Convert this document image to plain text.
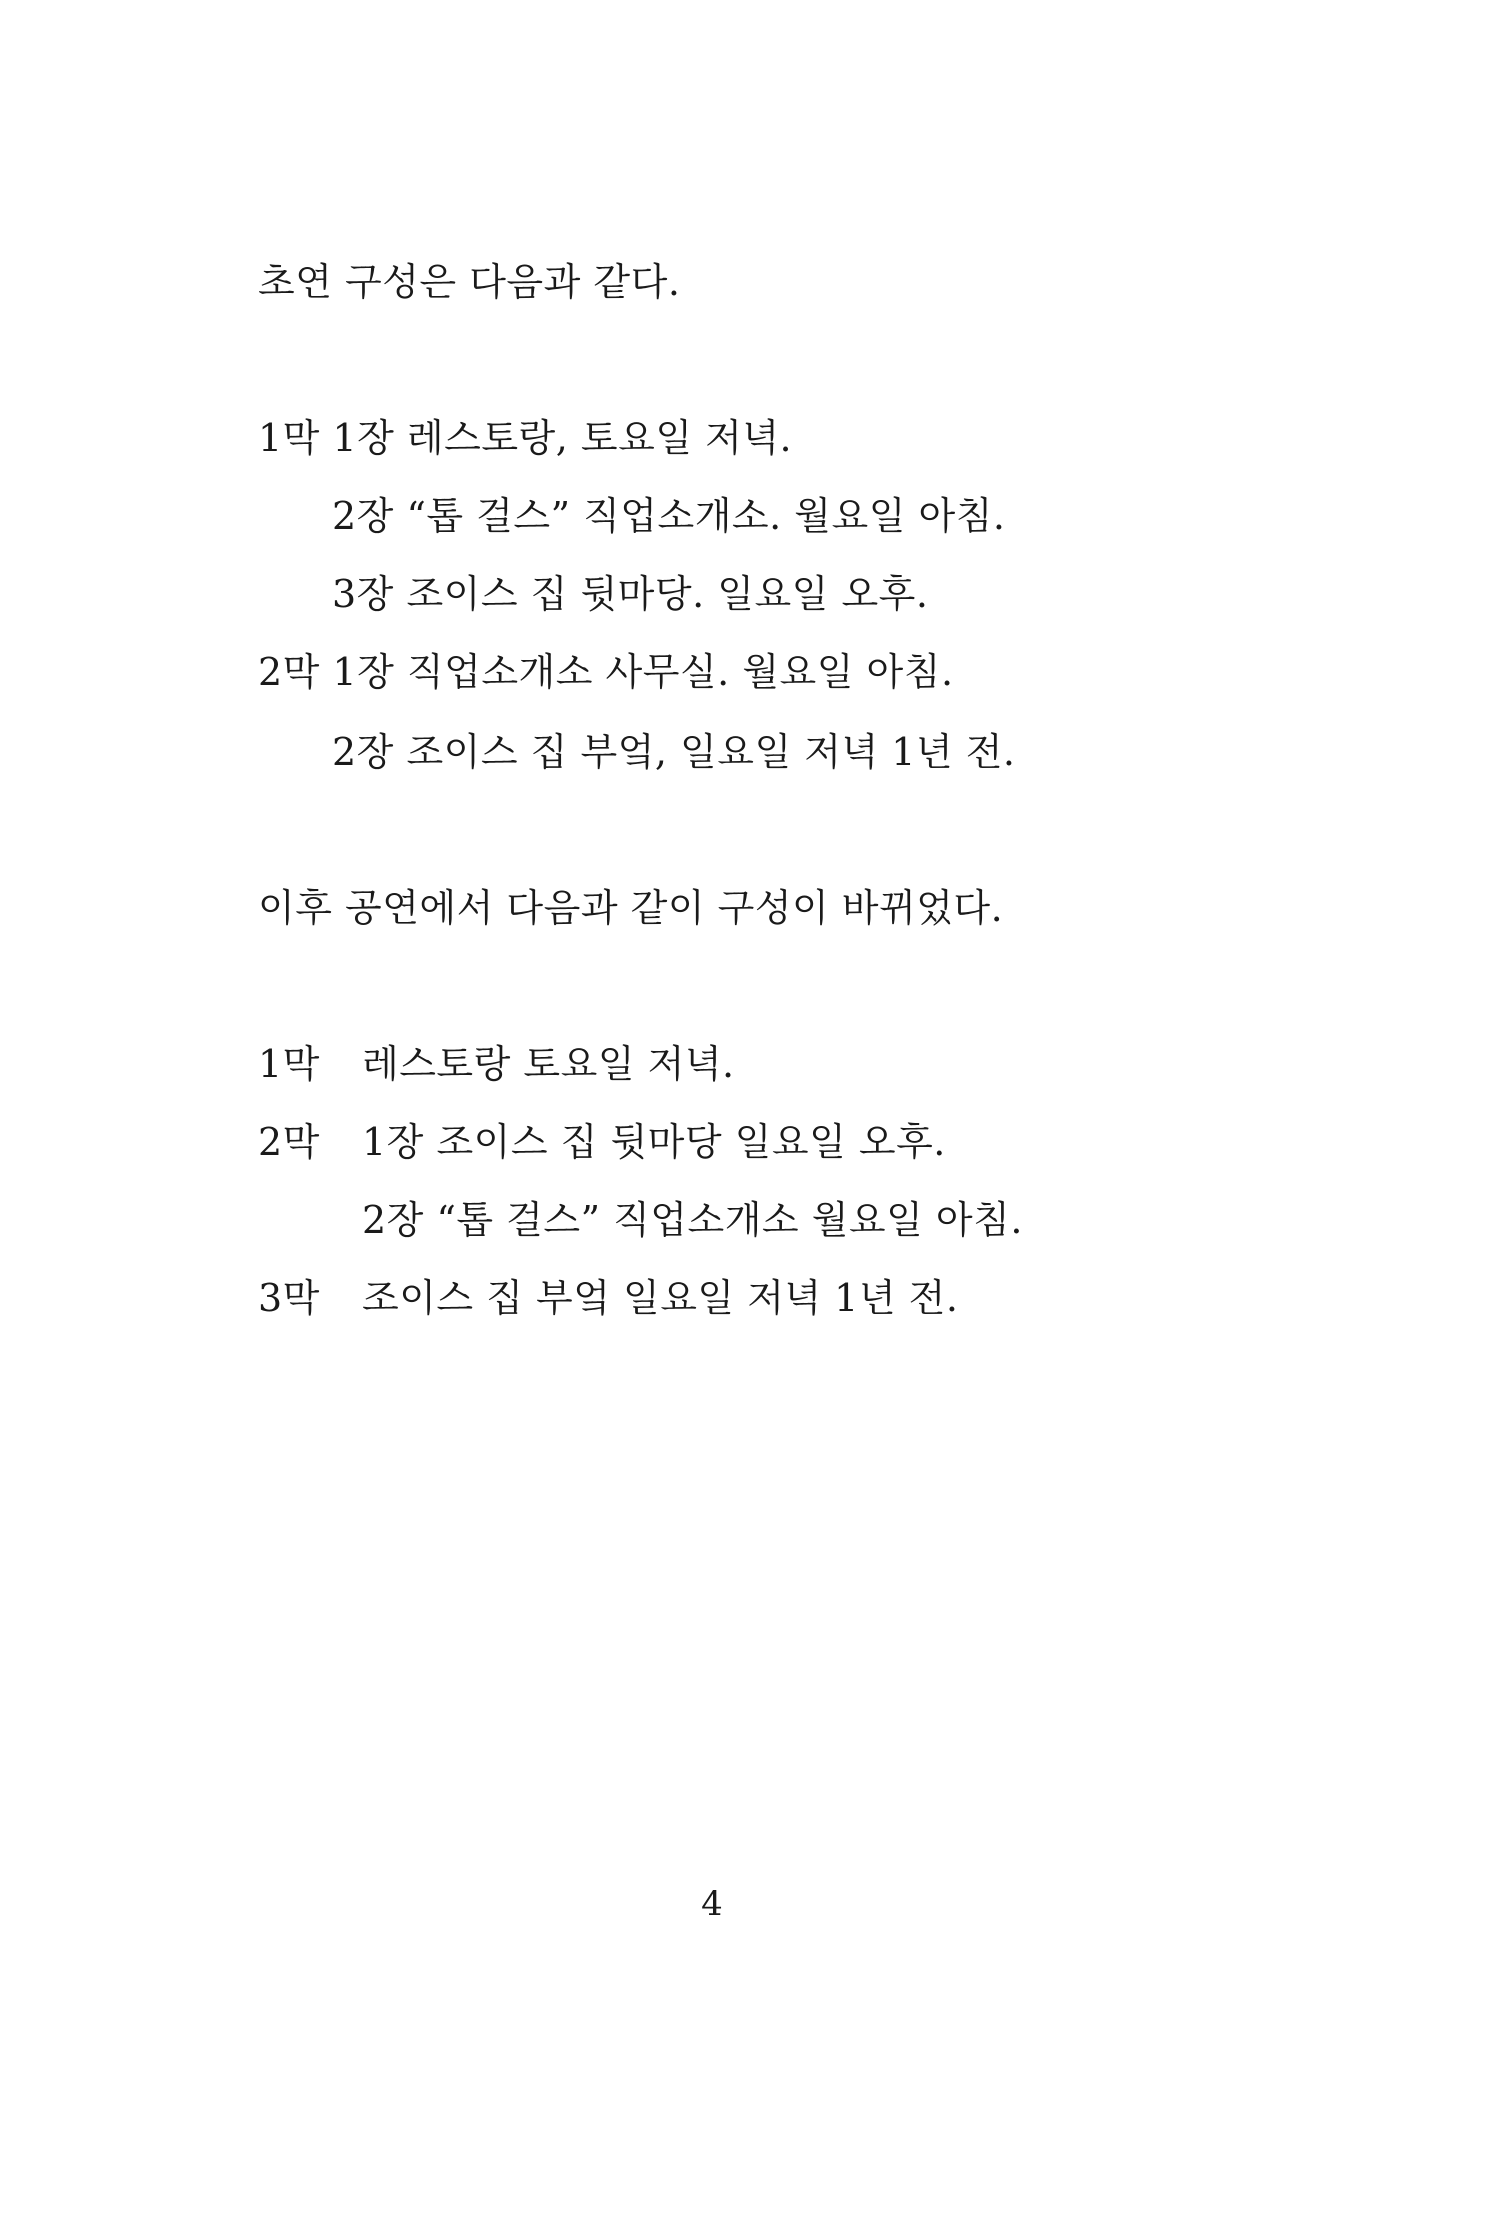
초연 구성은 다음과 같다.
1막 1장 레스토랑, 토요일 저녁.
2장 “톱 걸스” 직업소개소. 월요일 아침.
3장 조이스 집 뒷마당. 일요일 오후.
2막 1장 직업소개소 사무실. 월요일 아침.
2장 조이스 집 부엌, 일요일 저녁 1년 전.
이후 공연에서 다음과 같이 구성이 바뀌었다.
1막 레스토랑 토요일 저녁.
2막 1장 조이스 집 뒷마당 일요일 오후.
2장 “톱 걸스” 직업소개소 월요일 아침.
3막 조이스 집 부엌 일요일 저녁 1년 전.
4
